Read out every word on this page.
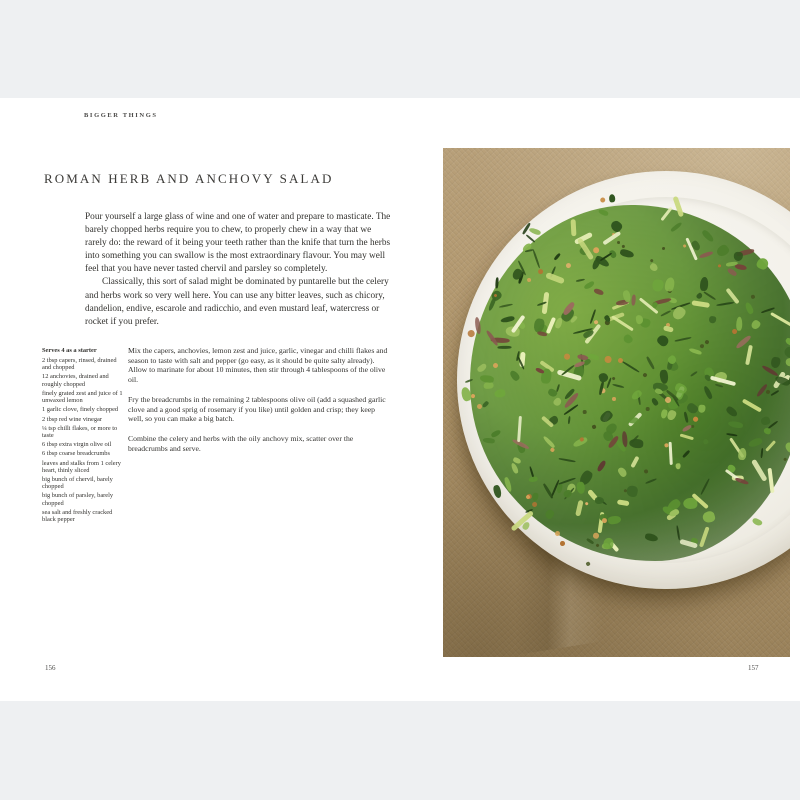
BIGGER THINGS
ROMAN HERB AND ANCHOVY SALAD

Pour yourself a large glass of wine and one of water and prepare to masticate. The barely chopped herbs require you to chew, to properly chew in a way that we rarely do: the reward of it being your teeth rather than the knife that turn the herbs into something you can swallow is the most extraordinary flavour. You may well feel that you have never tasted chervil and parsley so completely.

Classically, this sort of salad might be dominated by puntarelle but the celery and herbs work so very well here. You can use any bitter leaves, such as chicory, dandelion, endive, escarole and radicchio, and even mustard leaf, watercress or rocket if you prefer.

Serves 4 as a starter
2 tbsp capers, rinsed, drained and chopped
12 anchovies, drained and roughly chopped
finely grated zest and juice of 1 unwaxed lemon
1 garlic clove, finely chopped
2 tbsp red wine vinegar
¼ tsp chilli flakes, or more to taste
6 tbsp extra virgin olive oil
6 tbsp coarse breadcrumbs
leaves and stalks from 1 celery heart, thinly sliced
big bunch of chervil, barely chopped
big bunch of parsley, barely chopped
sea salt and freshly cracked black pepper

Mix the capers, anchovies, lemon zest and juice, garlic, vinegar and chilli flakes and season to taste with salt and pepper (go easy, as it should be quite salty already). Allow to marinate for about 10 minutes, then stir through 4 tablespoons of the olive oil.

Fry the breadcrumbs in the remaining 2 tablespoons olive oil (add a squashed garlic clove and a good sprig of rosemary if you like) until golden and crisp; they keep well, so you can make a big batch.

Combine the celery and herbs with the oily anchovy mix, scatter over the breadcrumbs and serve.

156	157
